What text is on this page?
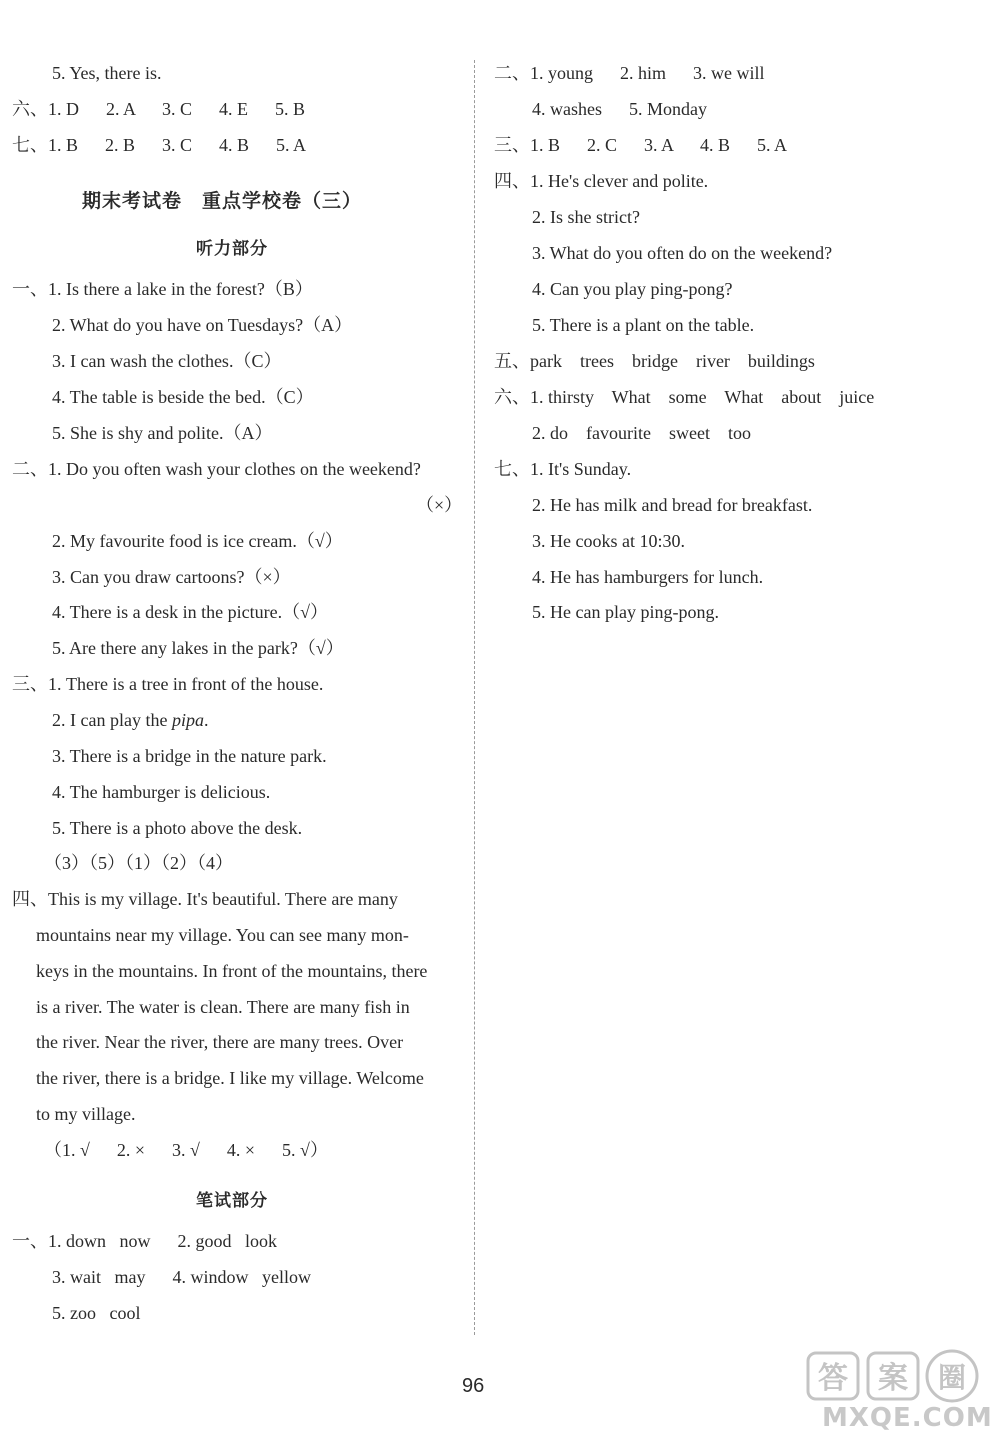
5. Yes, there is.
六、1. D      2. A      3. C      4. E      5. B
七、1. B      2. B      3. C      4. B      5. A
期末考试卷　重点学校卷（三）
听力部分
一、1. Is there a lake in the forest?（B）
2. What do you have on Tuesdays?（A）
3. I can wash the clothes.（C）
4. The table is beside the bed.（C）
5. She is shy and polite.（A）
二、1. Do you often wash your clothes on the weekend?
（×）
2. My favourite food is ice cream.（√）
3. Can you draw cartoons?（×）
4. There is a desk in the picture.（√）
5. Are there any lakes in the park?（√）
三、1. There is a tree in front of the house.
2. I can play the pipa.
3. There is a bridge in the nature park.
4. The hamburger is delicious.
5. There is a photo above the desk.
（3）（5）（1）（2）（4）
四、This is my village. It's beautiful. There are many
mountains near my village. You can see many mon-
keys in the mountains. In front of the mountains, there
is a river. The water is clean. There are many fish in
the river. Near the river, there are many trees. Over
the river, there is a bridge. I like my village. Welcome
to my village.
（1. √      2. ×      3. √      4. ×      5. √）
笔试部分
一、1. down   now      2. good   look
3. wait   may      4. window   yellow
5. zoo   cool
二、1. young      2. him      3. we will
4. washes      5. Monday
三、1. B      2. C      3. A      4. B      5. A
四、1. He's clever and polite.
2. Is she strict?
3. What do you often do on the weekend?
4. Can you play ping-pong?
5. There is a plant on the table.
五、park    trees    bridge    river    buildings
六、1. thirsty    What    some    What    about    juice
2. do    favourite    sweet    too
七、1. It's Sunday.
2. He has milk and bread for breakfast.
3. He cooks at 10:30.
4. He has hamburgers for lunch.
5. He can play ping-pong.
96	答 案 圈
MXQE.COM
